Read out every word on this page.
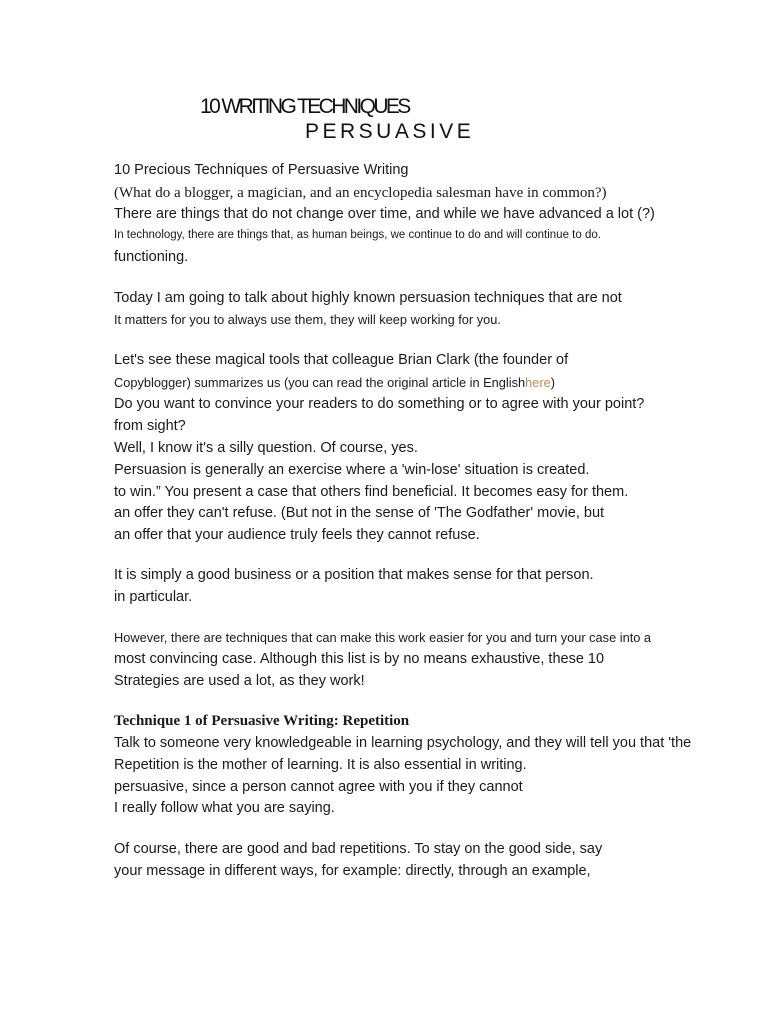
10 WRITING TECHNIQUES
PERSUASIVE
10 Precious Techniques of Persuasive Writing
(What do a blogger, a magician, and an encyclopedia salesman have in common?)
There are things that do not change over time, and while we have advanced a lot (?)
In technology, there are things that, as human beings, we continue to do and will continue to do.
functioning.
Today I am going to talk about highly known persuasion techniques that are not
It matters for you to always use them, they will keep working for you.
Let's see these magical tools that colleague Brian Clark (the founder of
Copyblogger) summarizes us (you can read the original article in Englishhere)
Do you want to convince your readers to do something or to agree with your point?
from sight?
Well, I know it's a silly question. Of course, yes.
Persuasion is generally an exercise where a 'win-lose' situation is created.
to win.” You present a case that others find beneficial. It becomes easy for them.
an offer they can't refuse. (But not in the sense of 'The Godfather' movie, but
an offer that your audience truly feels they cannot refuse.
It is simply a good business or a position that makes sense for that person.
in particular.
However, there are techniques that can make this work easier for you and turn your case into a
most convincing case. Although this list is by no means exhaustive, these 10
Strategies are used a lot, as they work!
Technique 1 of Persuasive Writing: Repetition
Talk to someone very knowledgeable in learning psychology, and they will tell you that 'the
Repetition is the mother of learning. It is also essential in writing.
persuasive, since a person cannot agree with you if they cannot
I really follow what you are saying.
Of course, there are good and bad repetitions. To stay on the good side, say
your message in different ways, for example: directly, through an example,
